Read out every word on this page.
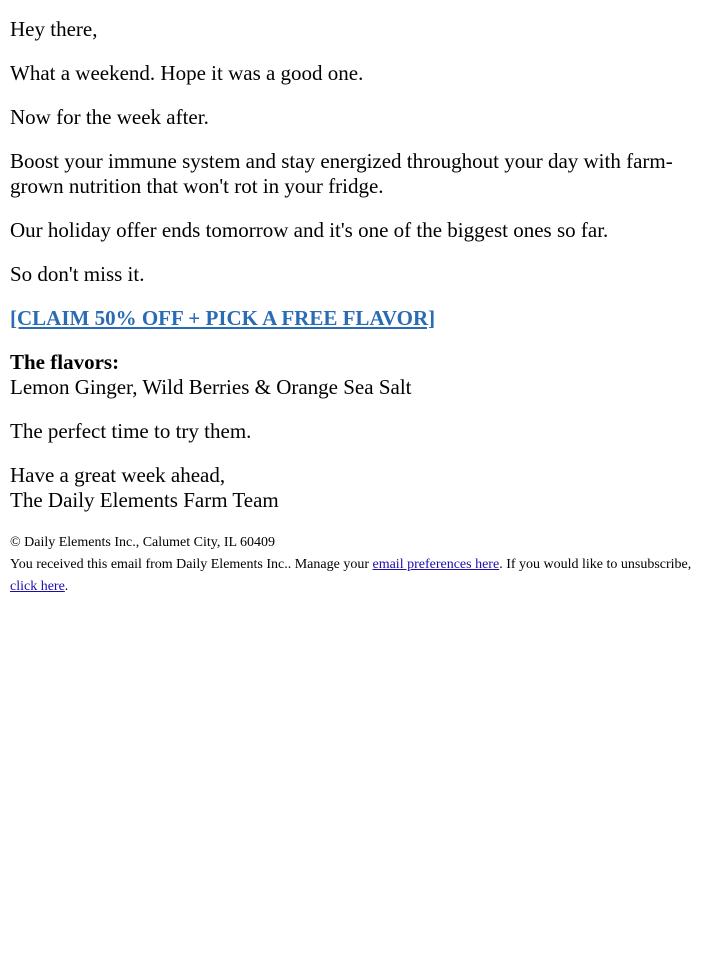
Hey there,

What a weekend. Hope it was a good one.

Now for the week after.

Boost your immune system and stay energized throughout your day with farm-
grown nutrition that won't rot in your fridge.

Our holiday offer ends tomorrow and it's one of the biggest ones so far.

So don't miss it.

[CLAIM 50% OFF + PICK A FREE FLAVOR]
The flavors:
Lemon Ginger, Wild Berries & Orange Sea Salt

The perfect time to try them.

Have a great week ahead,
The Daily Elements Farm Team
© Daily Elements Inc., Calumet City, IL 60409
You received this email from Daily Elements Inc.. Manage your email preferences here. If you would like to unsubscribe,
click here.
